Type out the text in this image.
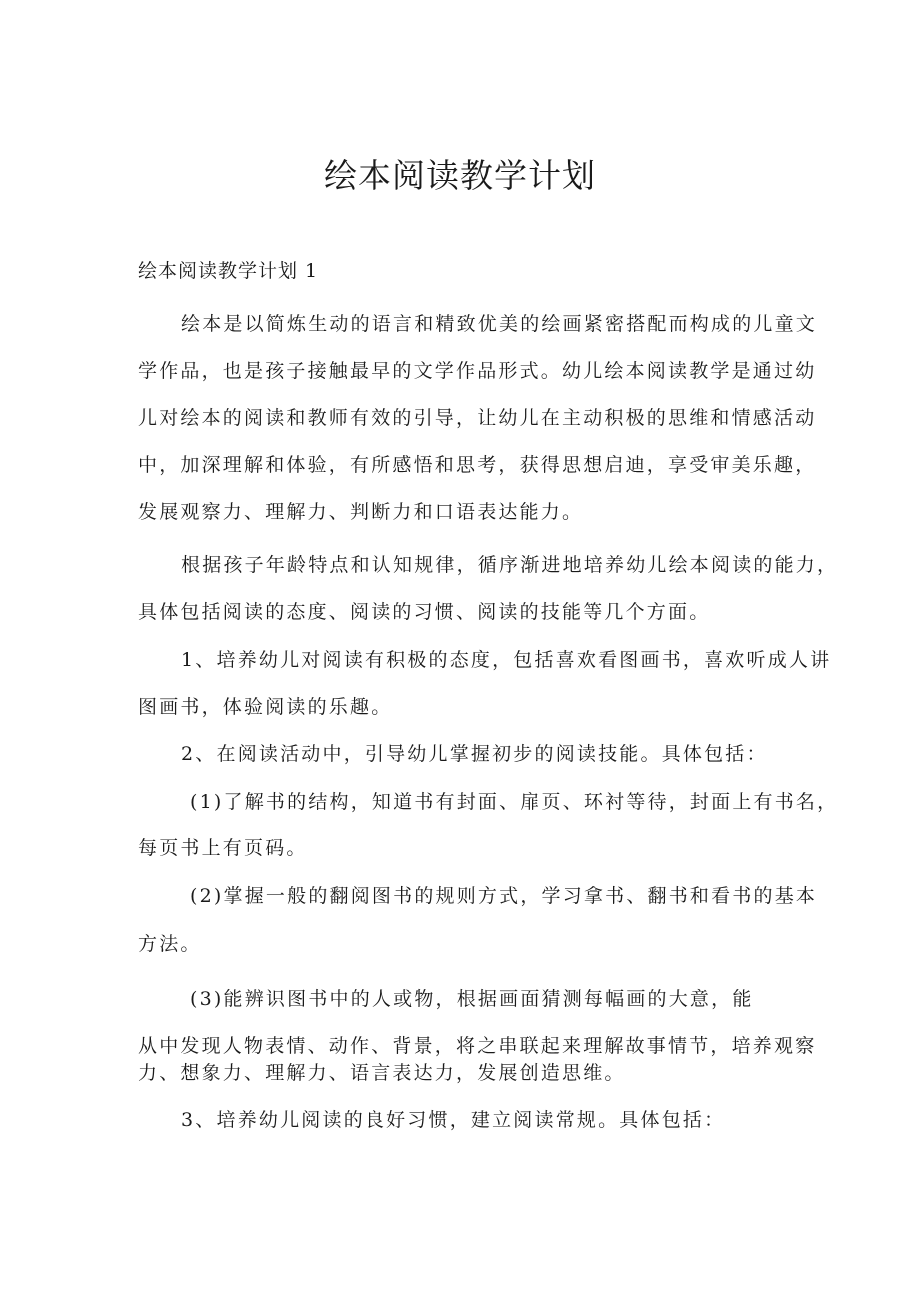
绘本阅读教学计划
绘本阅读教学计划 1
绘本是以简炼生动的语言和精致优美的绘画紧密搭配而构成的儿童文
学作品，也是孩子接触最早的文学作品形式。幼儿绘本阅读教学是通过幼
儿对绘本的阅读和教师有效的引导，让幼儿在主动积极的思维和情感活动
中，加深理解和体验，有所感悟和思考，获得思想启迪，享受审美乐趣，
发展观察力、理解力、判断力和口语表达能力。
根据孩子年龄特点和认知规律，循序渐进地培养幼儿绘本阅读的能力，
具体包括阅读的态度、阅读的习惯、阅读的技能等几个方面。
1、培养幼儿对阅读有积极的态度，包括喜欢看图画书，喜欢听成人讲
图画书，体验阅读的乐趣。
2、在阅读活动中，引导幼儿掌握初步的阅读技能。具体包括：
(1)了解书的结构，知道书有封面、扉页、环衬等待，封面上有书名，
每页书上有页码。
(2)掌握一般的翻阅图书的规则方式，学习拿书、翻书和看书的基本
方法。
(3)能辨识图书中的人或物，根据画面猜测每幅画的大意，能
从中发现人物表情、动作、背景，将之串联起来理解故事情节，培养观察
力、想象力、理解力、语言表达力，发展创造思维。
3、培养幼儿阅读的良好习惯，建立阅读常规。具体包括：
